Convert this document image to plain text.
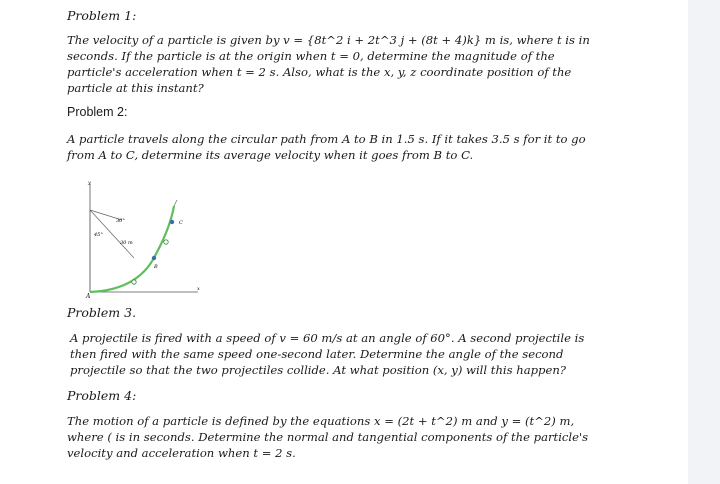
Problem 1:
The velocity of a particle is given by v = {8t^2 i + 2t^3 j + (8t + 4)k} m is, where t is in seconds. If the particle is at the origin when t = 0, determine the magnitude of the particle's acceleration when t = 2 s. Also, what is the x, y, z coordinate position of the particle at this instant?
Problem 2:
A particle travels along the circular path from A to B in 1.5 s. If it takes 3.5 s for it to go from A to C, determine its average velocity when it goes from B to C.
y
x
30°
45°
30 m
A
B
C
Problem 3.
A projectile is fired with a speed of v = 60 m/s at an angle of 60°. A second projectile is then fired with the same speed one-second later. Determine the angle of the second projectile so that the two projectiles collide. At what position (x, y) will this happen?
Problem 4:
The motion of a particle is defined by the equations x = (2t + t^2) m and y = (t^2) m, where ( is in seconds. Determine the normal and tangential components of the particle's velocity and acceleration when t = 2 s.
